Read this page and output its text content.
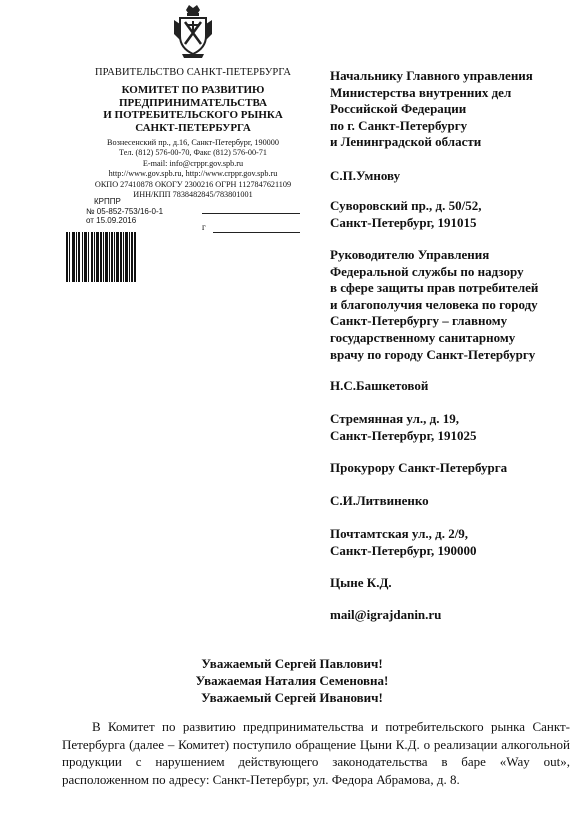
ПРАВИТЕЛЬСТВО САНКТ-ПЕТЕРБУРГА
КОМИТЕТ ПО РАЗВИТИЮ
ПРЕДПРИНИМАТЕЛЬСТВА
И ПОТРЕБИТЕЛЬСКОГО РЫНКА
САНКТ-ПЕТЕРБУРГА
Вознесенский пр., д.16, Санкт-Петербург, 190000
Тел. (812) 576-00-70, Факс (812) 576-00-71
E-mail: info@crppr.gov.spb.ru
http://www.gov.spb.ru, http://www.crppr.gov.spb.ru
ОКПО 27410878 ОКОГУ 2300216 ОГРН 1127847621109
ИНН/КПП 7838482845/783801001
КРППР
№ 05-852-753/16-0-1
от 15.09.2016
г
Начальнику Главного управления
Министерства внутренних дел
Российской Федерации
по г. Санкт-Петербургу
и Ленинградской области
С.П.Умнову
Суворовский пр., д. 50/52,
Санкт-Петербург, 191015
Руководителю Управления
Федеральной службы по надзору
в сфере защиты прав потребителей
и благополучия человека по городу
Санкт-Петербургу – главному
государственному санитарному
врачу по городу Санкт-Петербургу
Н.С.Башкетовой
Стремянная ул., д. 19,
Санкт-Петербург, 191025
Прокурору Санкт-Петербурга
С.И.Литвиненко
Почтамтская ул., д. 2/9,
Санкт-Петербург, 190000
Цыне К.Д.
mail@igrajdanin.ru
Уважаемый Сергей Павлович!
Уважаемая Наталия Семеновна!
Уважаемый Сергей Иванович!

В Комитет по развитию предпринимательства и потребительского рынка Санкт-Петербурга (далее – Комитет) поступило обращение Цыни К.Д. о реализации алкогольной продукции с нарушением действующего законодательства в баре «Way out», расположенном по адресу: Санкт-Петербург, ул. Федора Абрамова, д. 8.
